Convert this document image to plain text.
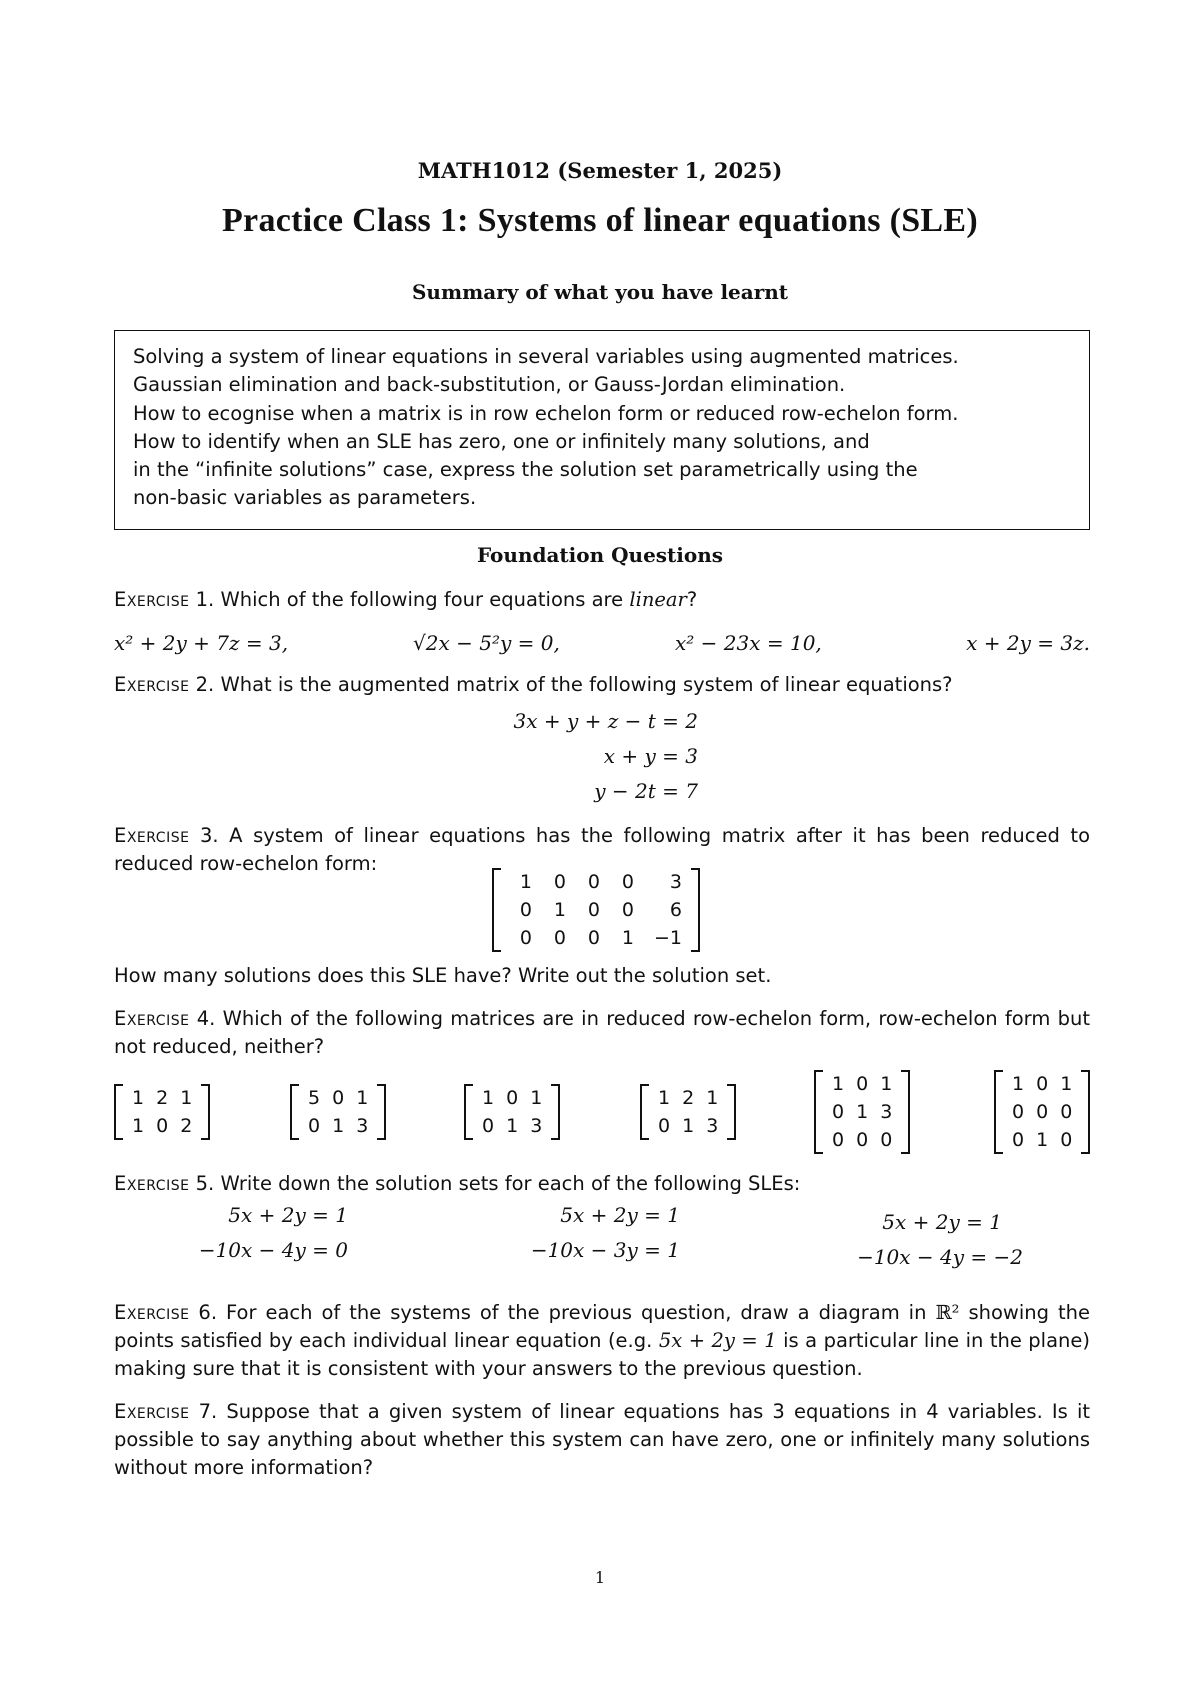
MATH1012 (Semester 1, 2025)
Practice Class 1: Systems of linear equations (SLE)
Summary of what you have learnt
Solving a system of linear equations in several variables using augmented matrices.
Gaussian elimination and back-substitution, or Gauss-Jordan elimination.
How to ecognise when a matrix is in row echelon form or reduced row-echelon form.
How to identify when an SLE has zero, one or infinitely many solutions, and
in the “infinite solutions” case, express the solution set parametrically using the
non-basic variables as parameters.
Foundation Questions
Exercise 1. Which of the following four equations are linear?
x² + 2y + 7z = 3,	√2x − 5²y = 0,	x² − 23x = 10,	x + 2y = 3z.
Exercise 2. What is the augmented matrix of the following system of linear equations?
3x + y + z − t = 2
x + y = 3
y − 2t = 7
Exercise 3. A system of linear equations has the following matrix after it has been reduced to reduced row-echelon form:
1	0	0	0	3
0	1	0	0	6
0	0	0	1	−1
How many solutions does this SLE have? Write out the solution set.
Exercise 4. Which of the following matrices are in reduced row-echelon form, row-echelon form but not reduced, neither?
1	2	1
1	0	2
5	0	1
0	1	3
1	0	1
0	1	3
1	2	1
0	1	3
1	0	1
0	1	3
0	0	0
1	0	1
0	0	0
0	1	0
Exercise 5. Write down the solution sets for each of the following SLEs:
5x + 2y = 1
−10x − 4y = 0
5x + 2y = 1
−10x − 3y = 1
5x + 2y = 1
−10x − 4y = −2
Exercise 6. For each of the systems of the previous question, draw a diagram in ℝ² showing the points satisfied by each individual linear equation (e.g. 5x + 2y = 1 is a particular line in the plane) making sure that it is consistent with your answers to the previous question.
Exercise 7. Suppose that a given system of linear equations has 3 equations in 4 variables. Is it possible to say anything about whether this system can have zero, one or infinitely many solutions without more information?
1
